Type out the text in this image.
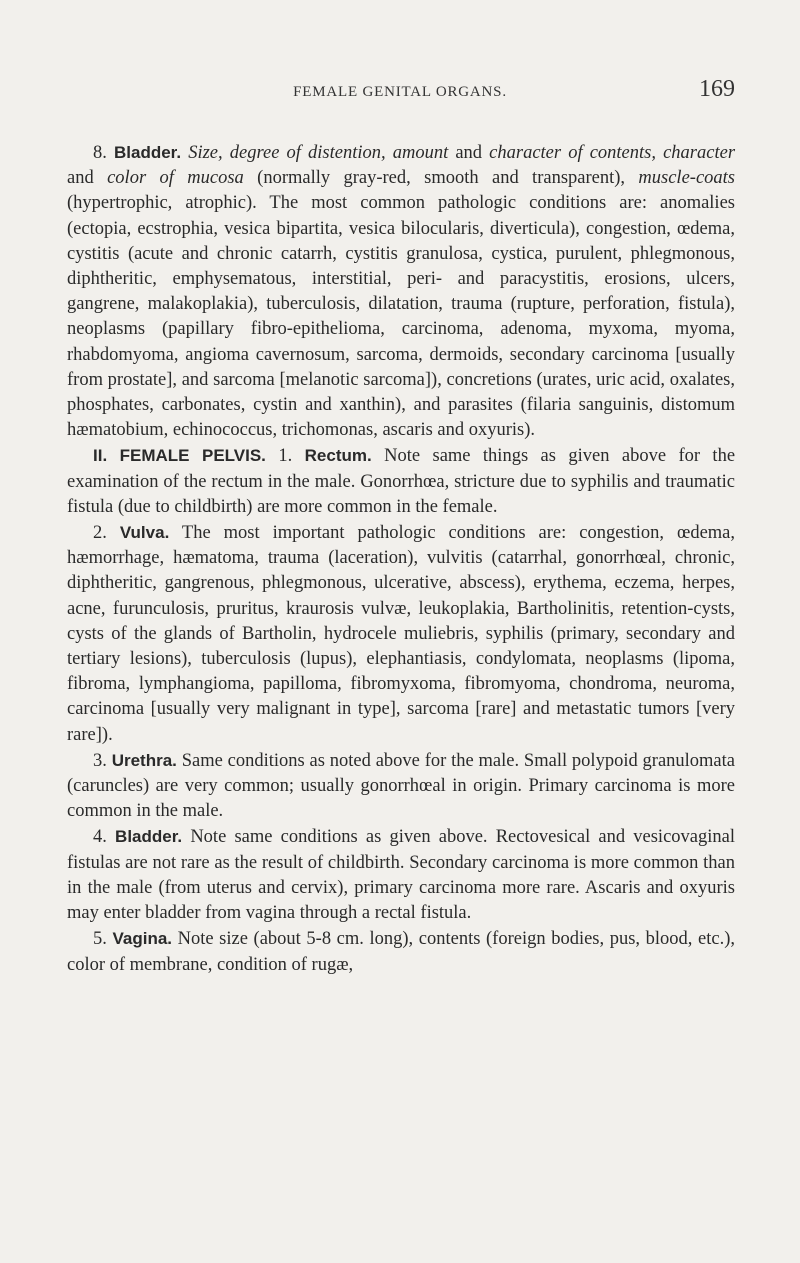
FEMALE GENITAL ORGANS.	169

8. Bladder. Size, degree of distention, amount and character of contents, character and color of mucosa (normally gray-red, smooth and transparent), muscle-coats (hypertrophic, atrophic). The most common pathologic conditions are: anomalies (ectopia, ecstrophia, vesica bipartita, vesica bilocularis, diverticula), congestion, œdema, cystitis (acute and chronic catarrh, cystitis granulosa, cystica, purulent, phlegmonous, diphtheritic, emphysematous, interstitial, peri- and paracystitis, erosions, ulcers, gangrene, malakoplakia), tuberculosis, dilatation, trauma (rupture, perforation, fistula), neoplasms (papillary fibro-epithelioma, carcinoma, adenoma, myxoma, myoma, rhabdomyoma, angioma cavernosum, sarcoma, dermoids, secondary carcinoma [usually from prostate], and sarcoma [melanotic sarcoma]), concretions (urates, uric acid, oxalates, phosphates, carbonates, cystin and xanthin), and parasites (filaria sanguinis, distomum hæmatobium, echinococcus, trichomonas, ascaris and oxyuris).

II. FEMALE PELVIS. 1. Rectum. Note same things as given above for the examination of the rectum in the male. Gonorrhœa, stricture due to syphilis and traumatic fistula (due to childbirth) are more common in the female.

2. Vulva. The most important pathologic conditions are: congestion, œdema, hæmorrhage, hæmatoma, trauma (laceration), vulvitis (catarrhal, gonorrhœal, chronic, diphtheritic, gangrenous, phlegmonous, ulcerative, abscess), erythema, eczema, herpes, acne, furunculosis, pruritus, kraurosis vulvæ, leukoplakia, Bartholinitis, retention-cysts, cysts of the glands of Bartholin, hydrocele muliebris, syphilis (primary, secondary and tertiary lesions), tuberculosis (lupus), elephantiasis, condylomata, neoplasms (lipoma, fibroma, lymphangioma, papilloma, fibromyxoma, fibromyoma, chondroma, neuroma, carcinoma [usually very malignant in type], sarcoma [rare] and metastatic tumors [very rare]).

3. Urethra. Same conditions as noted above for the male. Small polypoid granulomata (caruncles) are very common; usually gonorrhœal in origin. Primary carcinoma is more common in the male.

4. Bladder. Note same conditions as given above. Rectovesical and vesicovaginal fistulas are not rare as the result of childbirth. Secondary carcinoma is more common than in the male (from uterus and cervix), primary carcinoma more rare. Ascaris and oxyuris may enter bladder from vagina through a rectal fistula.

5. Vagina. Note size (about 5-8 cm. long), contents (foreign bodies, pus, blood, etc.), color of membrane, condition of rugæ,
